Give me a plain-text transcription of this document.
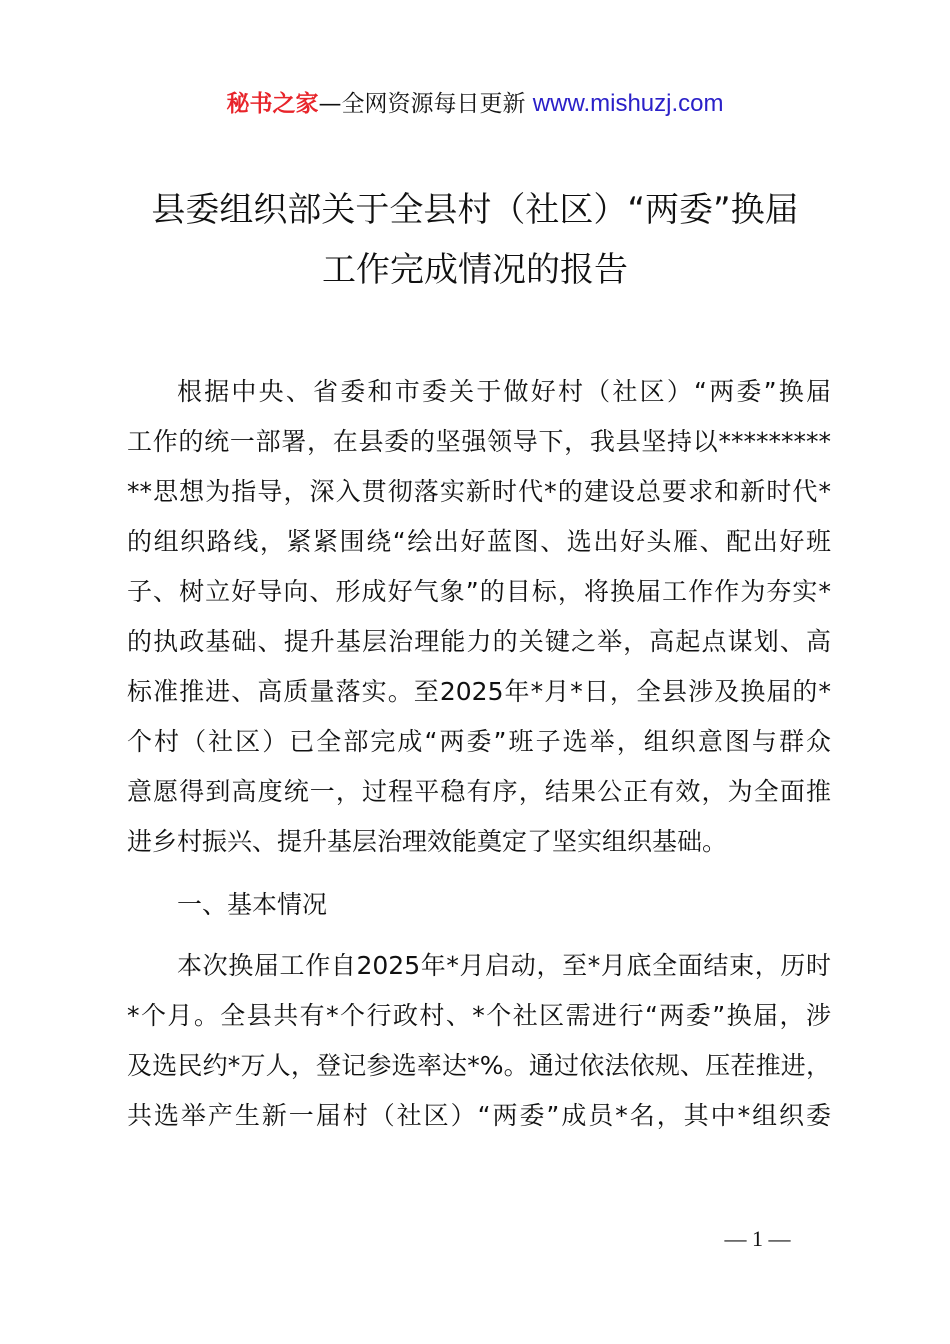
秘书之家—全网资源每日更新 www.mishuzj.com
县委组织部关于全县村（社区）“两委”换届
工作完成情况的报告
根据中央、省委和市委关于做好村（社区）“两委”换届
工作的统一部署，在县委的坚强领导下，我县坚持以*********
**思想为指导，深入贯彻落实新时代*的建设总要求和新时代*
的组织路线，紧紧围绕“绘出好蓝图、选出好头雁、配出好班
子、树立好导向、形成好气象”的目标，将换届工作作为夯实*
的执政基础、提升基层治理能力的关键之举，高起点谋划、高
标准推进、高质量落实。至2025年*月*日，全县涉及换届的*
个村（社区）已全部完成“两委”班子选举，组织意图与群众
意愿得到高度统一，过程平稳有序，结果公正有效，为全面推
进乡村振兴、提升基层治理效能奠定了坚实组织基础。
一、基本情况
本次换届工作自2025年*月启动，至*月底全面结束，历时
*个月。全县共有*个行政村、*个社区需进行“两委”换届，涉
及选民约*万人，登记参选率达*%。通过依法依规、压茬推进，
共选举产生新一届村（社区）“两委”成员*名，其中*组织委
— 1 —
